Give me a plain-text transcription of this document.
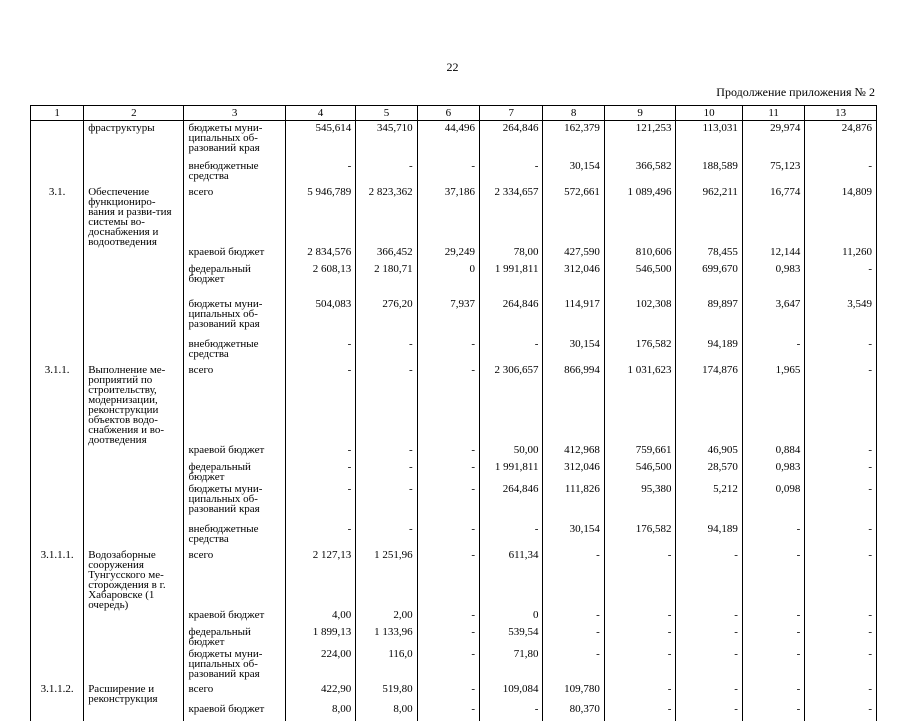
22
Продолжение приложения № 2
1	2	3	4	5	6	7	8	9	10	11	13
	фраструктуры	бюджеты муни-ципальных об-разований края	545,614	345,710	44,496	264,846	162,379	121,253	113,031	29,974	24,876
		внебюджетные средства	-	-	-	-	30,154	366,582	188,589	75,123	-
3.1.	Обеспечение функциониро-вания и разви-тия системы во-доснабжения и водоотведения	всего	5 946,789	2 823,362	37,186	2 334,657	572,661	1 089,496	962,211	16,774	14,809
		краевой бюджет	2 834,576	366,452	29,249	78,00	427,590	810,606	78,455	12,144	11,260
		федеральный бюджет	2 608,13	2 180,71	0	1 991,811	312,046	546,500	699,670	0,983	-
		бюджеты муни-ципальных об-разований края	504,083	276,20	7,937	264,846	114,917	102,308	89,897	3,647	3,549
		внебюджетные средства	-	-	-	-	30,154	176,582	94,189	-	-
3.1.1.	Выполнение ме-роприятий по строительству, модернизации, реконструкции объектов водо-снабжения и во-доотведения	всего	-	-	-	2 306,657	866,994	1 031,623	174,876	1,965	-
		краевой бюджет	-	-	-	50,00	412,968	759,661	46,905	0,884	-
		федеральный бюджет	-	-	-	1 991,811	312,046	546,500	28,570	0,983	-
		бюджеты муни-ципальных об-разований края	-	-	-	264,846	111,826	95,380	5,212	0,098	-
		внебюджетные средства	-	-	-	-	30,154	176,582	94,189	-	-
3.1.1.1.	Водозаборные сооружения Тунгусского ме-сторождения в г. Хабаровске (1 очередь)	всего	2 127,13	1 251,96	-	611,34	-	-	-	-	-
		краевой бюджет	4,00	2,00	-	0	-	-	-	-	-
		федеральный бюджет	1 899,13	1 133,96	-	539,54	-	-	-	-	-
		бюджеты муни-ципальных об-разований края	224,00	116,0	-	71,80	-	-	-	-	-
3.1.1.2.	Расширение и реконструкция	всего	422,90	519,80	-	109,084	109,780	-	-	-	-
		краевой бюджет	8,00	8,00	-	-	80,370	-	-	-	-
